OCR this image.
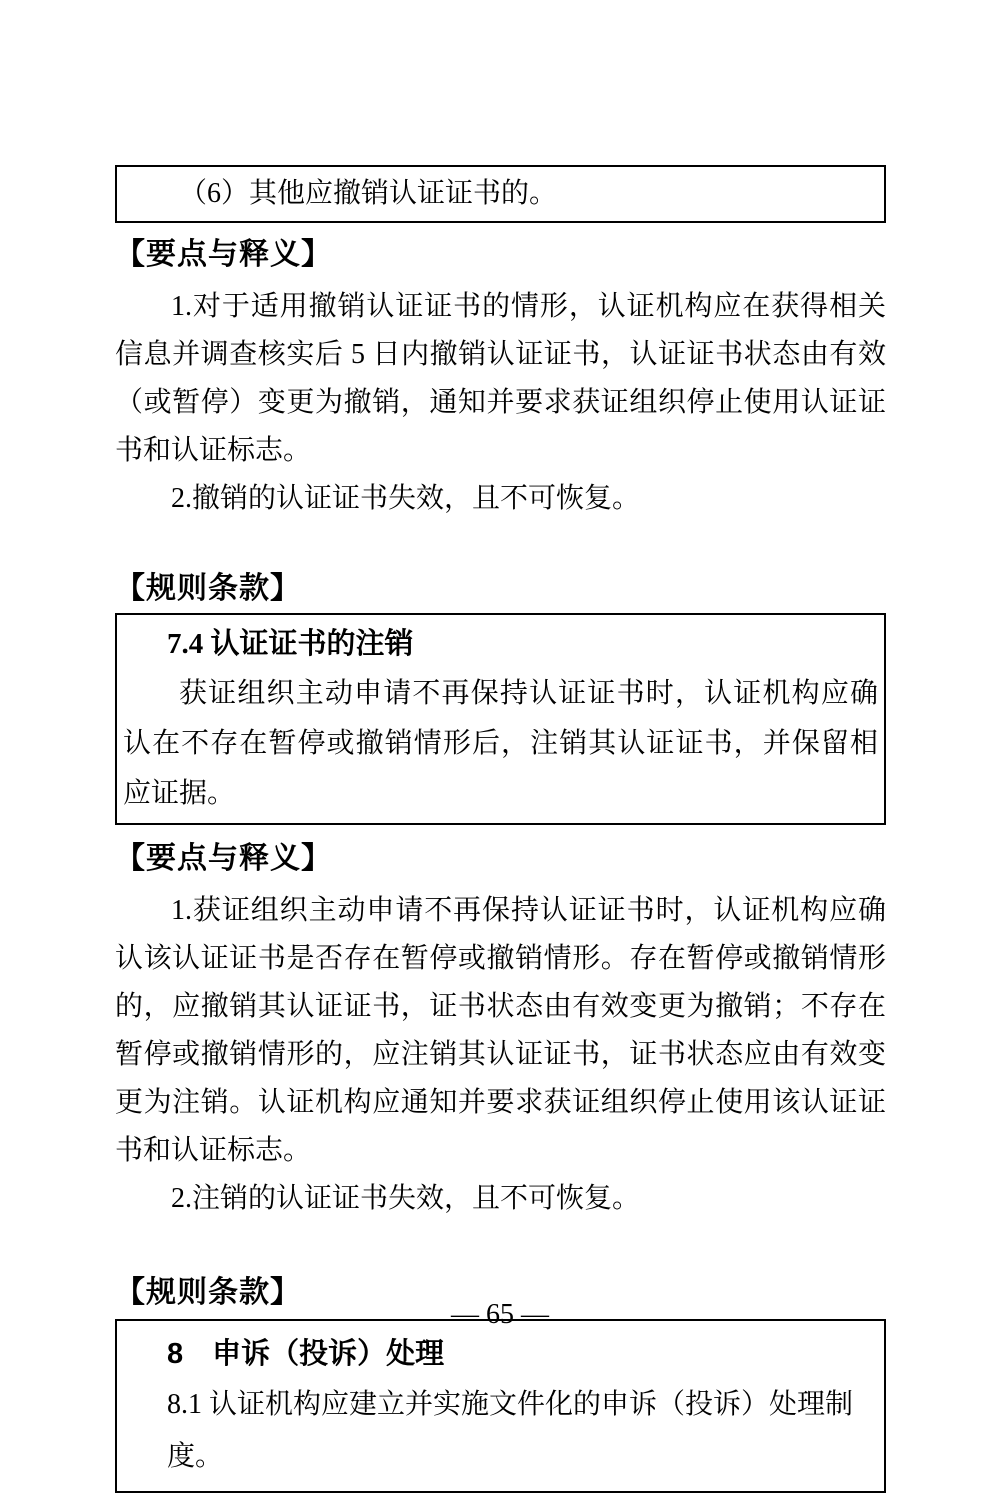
（6）其他应撤销认证证书的。
【要点与释义】

1.对于适用撤销认证证书的情形，认证机构应在获得相关信息并调查核实后 5 日内撤销认证证书，认证证书状态由有效（或暂停）变更为撤销，通知并要求获证组织停止使用认证证书和认证标志。

2.撤销的认证证书失效，且不可恢复。

【规则条款】
7.4 认证证书的注销

获证组织主动申请不再保持认证证书时，认证机构应确认在不存在暂停或撤销情形后，注销其认证证书，并保留相应证据。

【要点与释义】

1.获证组织主动申请不再保持认证证书时，认证机构应确认该认证证书是否存在暂停或撤销情形。存在暂停或撤销情形的，应撤销其认证证书，证书状态由有效变更为撤销；不存在暂停或撤销情形的，应注销其认证证书，证书状态应由有效变更为注销。认证机构应通知并要求获证组织停止使用该认证证书和认证标志。

2.注销的认证证书失效，且不可恢复。

【规则条款】
8　申诉（投诉）处理

8.1 认证机构应建立并实施文件化的申诉（投诉）处理制度。

— 65 —
